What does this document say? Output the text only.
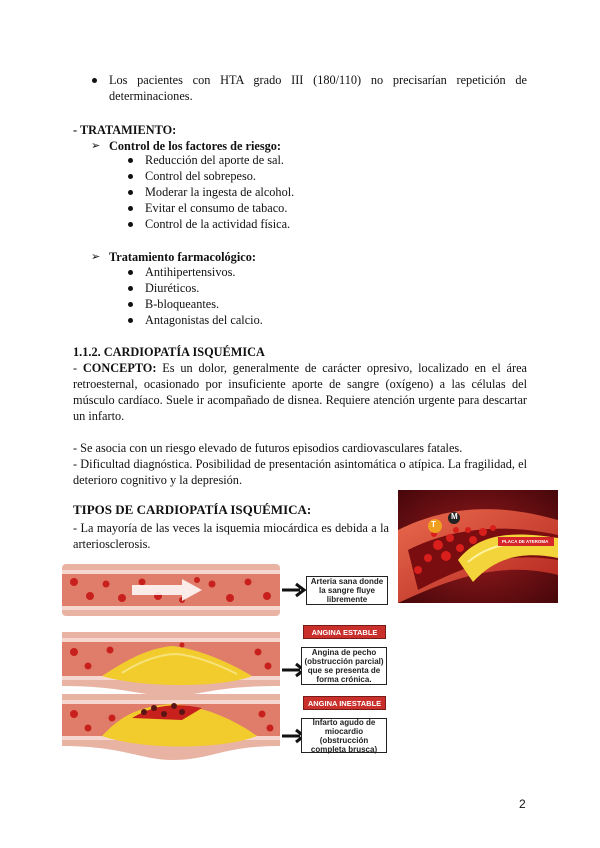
Los pacientes con HTA grado III (180/110) no precisarían repetición de determinaciones.
- TRATAMIENTO:
➢ Control de los factores de riesgo:
Reducción del aporte de sal.
Control del sobrepeso.
Moderar la ingesta de alcohol.
Evitar el consumo de tabaco.
Control de la actividad física.
➢ Tratamiento farmacológico:
Antihipertensivos.
Diuréticos.
B-bloqueantes.
Antagonistas del calcio.
1.1.2. CARDIOPATÍA ISQUÉMICA
- CONCEPTO: Es un dolor, generalmente de carácter opresivo, localizado en el área retroesternal, ocasionado por insuficiente aporte de sangre (oxígeno) a las células del músculo cardíaco. Suele ir acompañado de disnea. Requiere atención urgente para descartar un infarto.
- Se asocia con un riesgo elevado de futuros episodios cardiovasculares fatales.
- Dificultad diagnóstica. Posibilidad de presentación asintomática o atípica. La fragilidad, el deterioro cognitivo y la depresión.
TIPOS DE CARDIOPATÍA ISQUÉMICA:
- La mayoría de las veces la isquemia miocárdica es debida a la arteriosclerosis.
T
M
PLACA DE ATEROMA
Arteria sana donde la sangre fluye libremente
ANGINA ESTABLE
Angina de pecho (obstrucción parcial) que se presenta de forma crónica.
ANGINA INESTABLE
Infarto agudo de miocardio (obstrucción completa brusca)
2
